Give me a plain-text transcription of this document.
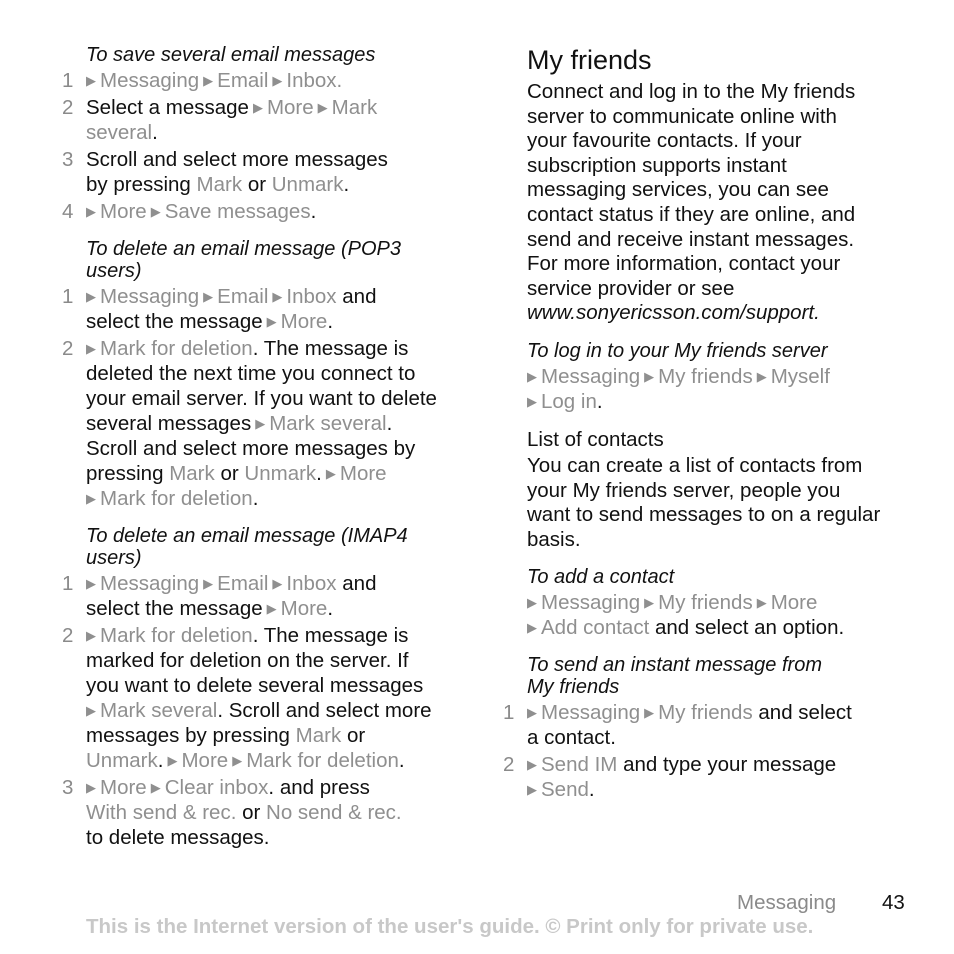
To save several email messages
1 ▶ Messaging ▶ Email ▶ Inbox.
2 Select a message ▶ More ▶ Mark
several.
3 Scroll and select more messages
by pressing Mark or Unmark.
4 ▶ More ▶ Save messages.
To delete an email message (POP3
users)
1 ▶ Messaging ▶ Email ▶ Inbox and
select the message ▶ More.
2 ▶ Mark for deletion. The message is
deleted the next time you connect to
your email server. If you want to delete
several messages ▶ Mark several.
Scroll and select more messages by
pressing Mark or Unmark. ▶ More
▶ Mark for deletion.
To delete an email message (IMAP4
users)
1 ▶ Messaging ▶ Email ▶ Inbox and
select the message ▶ More.
2 ▶ Mark for deletion. The message is
marked for deletion on the server. If
you want to delete several messages
▶ Mark several. Scroll and select more
messages by pressing Mark or
Unmark. ▶ More ▶ Mark for deletion.
3 ▶ More ▶ Clear inbox. and press
With send & rec. or No send & rec.
to delete messages.
My friends
Connect and log in to the My friends
server to communicate online with
your favourite contacts. If your
subscription supports instant
messaging services, you can see
contact status if they are online, and
send and receive instant messages.
For more information, contact your
service provider or see
www.sonyericsson.com/support.
To log in to your My friends server
▶ Messaging ▶ My friends ▶ Myself
▶ Log in.
List of contacts
You can create a list of contacts from
your My friends server, people you
want to send messages to on a regular
basis.
To add a contact
▶ Messaging ▶ My friends ▶ More
▶ Add contact and select an option.
To send an instant message from
My friends
1 ▶ Messaging ▶ My friends and select
a contact.
2 ▶ Send IM and type your message
▶ Send.
Messaging 43
This is the Internet version of the user's guide. © Print only for private use.
